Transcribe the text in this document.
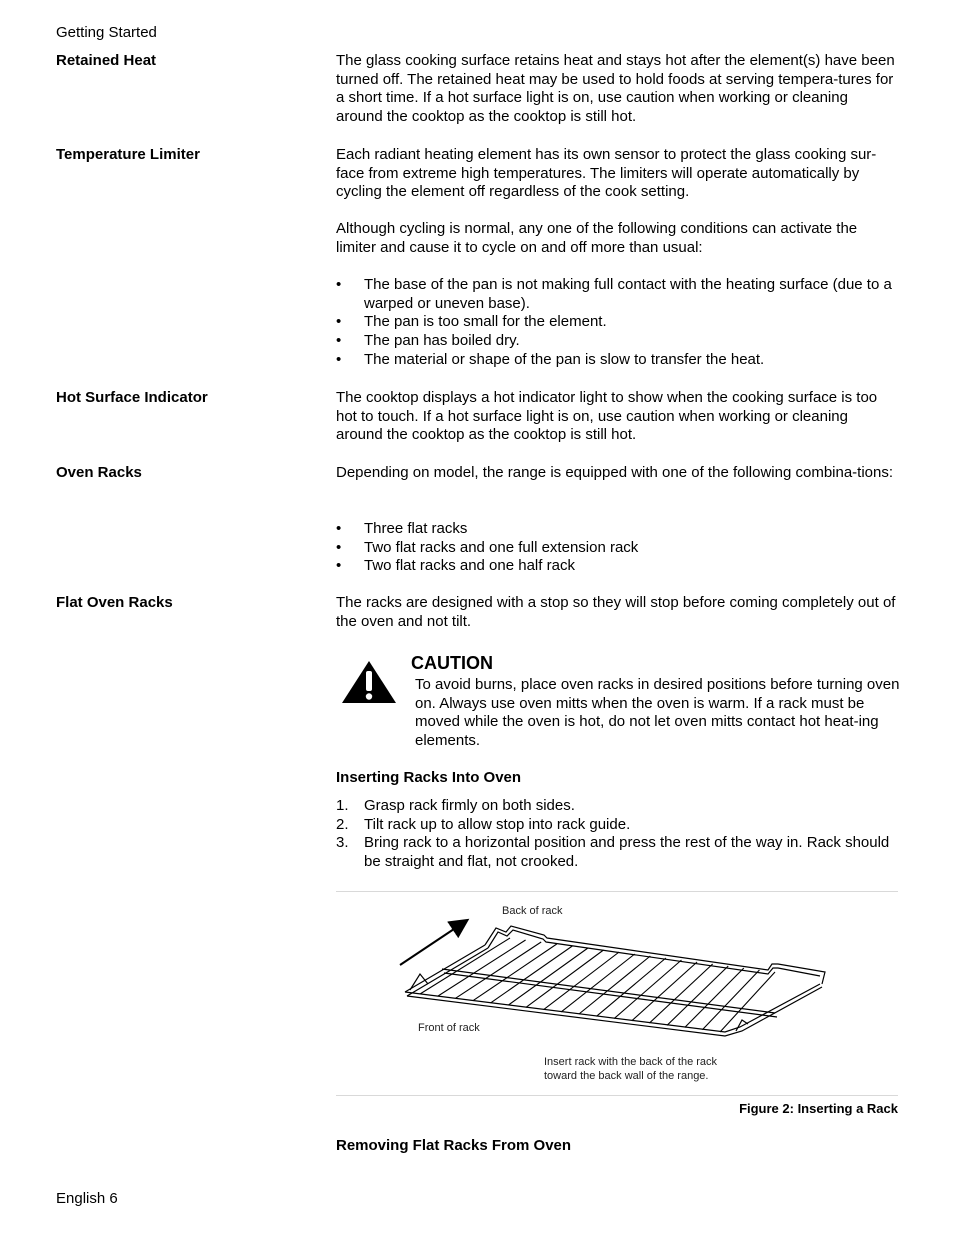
Getting Started
Retained Heat	The glass cooking surface retains heat and stays hot after the element(s) have been turned off. The retained heat may be used to hold foods at serving tempera-tures for a short time. If a hot surface light is on, use caution when working or cleaning around the cooktop as the cooktop is still hot.

Temperature Limiter	Each radiant heating element has its own sensor to protect the glass cooking sur-face from extreme high temperatures. The limiters will operate automatically by cycling the element off regardless of the cook setting.

Although cycling is normal, any one of the following conditions can activate the limiter and cause it to cycle on and off more than usual:

• The base of the pan is not making full contact with the heating surface (due to a warped or uneven base).
• The pan is too small for the element.
• The pan has boiled dry.
• The material or shape of the pan is slow to transfer the heat.
Hot Surface Indicator	The cooktop displays a hot indicator light to show when the cooking surface is too hot to touch. If a hot surface light is on, use caution when working or cleaning around the cooktop as the cooktop is still hot.

Oven Racks	Depending on model, the range is equipped with one of the following combina-tions:

• Three flat racks
• Two flat racks and one full extension rack
• Two flat racks and one half rack
Flat Oven Racks	The racks are designed with a stop so they will stop before coming completely out of the oven and not tilt.

CAUTION
To avoid burns, place oven racks in desired positions before turning oven on. Always use oven mitts when the oven is warm. If a rack must be moved while the oven is hot, do not let oven mitts contact hot heat-ing elements.
Inserting Racks Into Oven
1. Grasp rack firmly on both sides.
2. Tilt rack up to allow stop into rack guide.
3. Bring rack to a horizontal position and press the rest of the way in. Rack should be straight and flat, not crooked.
Back of rack
Front of rack
Insert rack with the back of the rack
toward the back wall of the range.
Figure 2: Inserting a Rack
Removing Flat Racks From Oven
English 6
